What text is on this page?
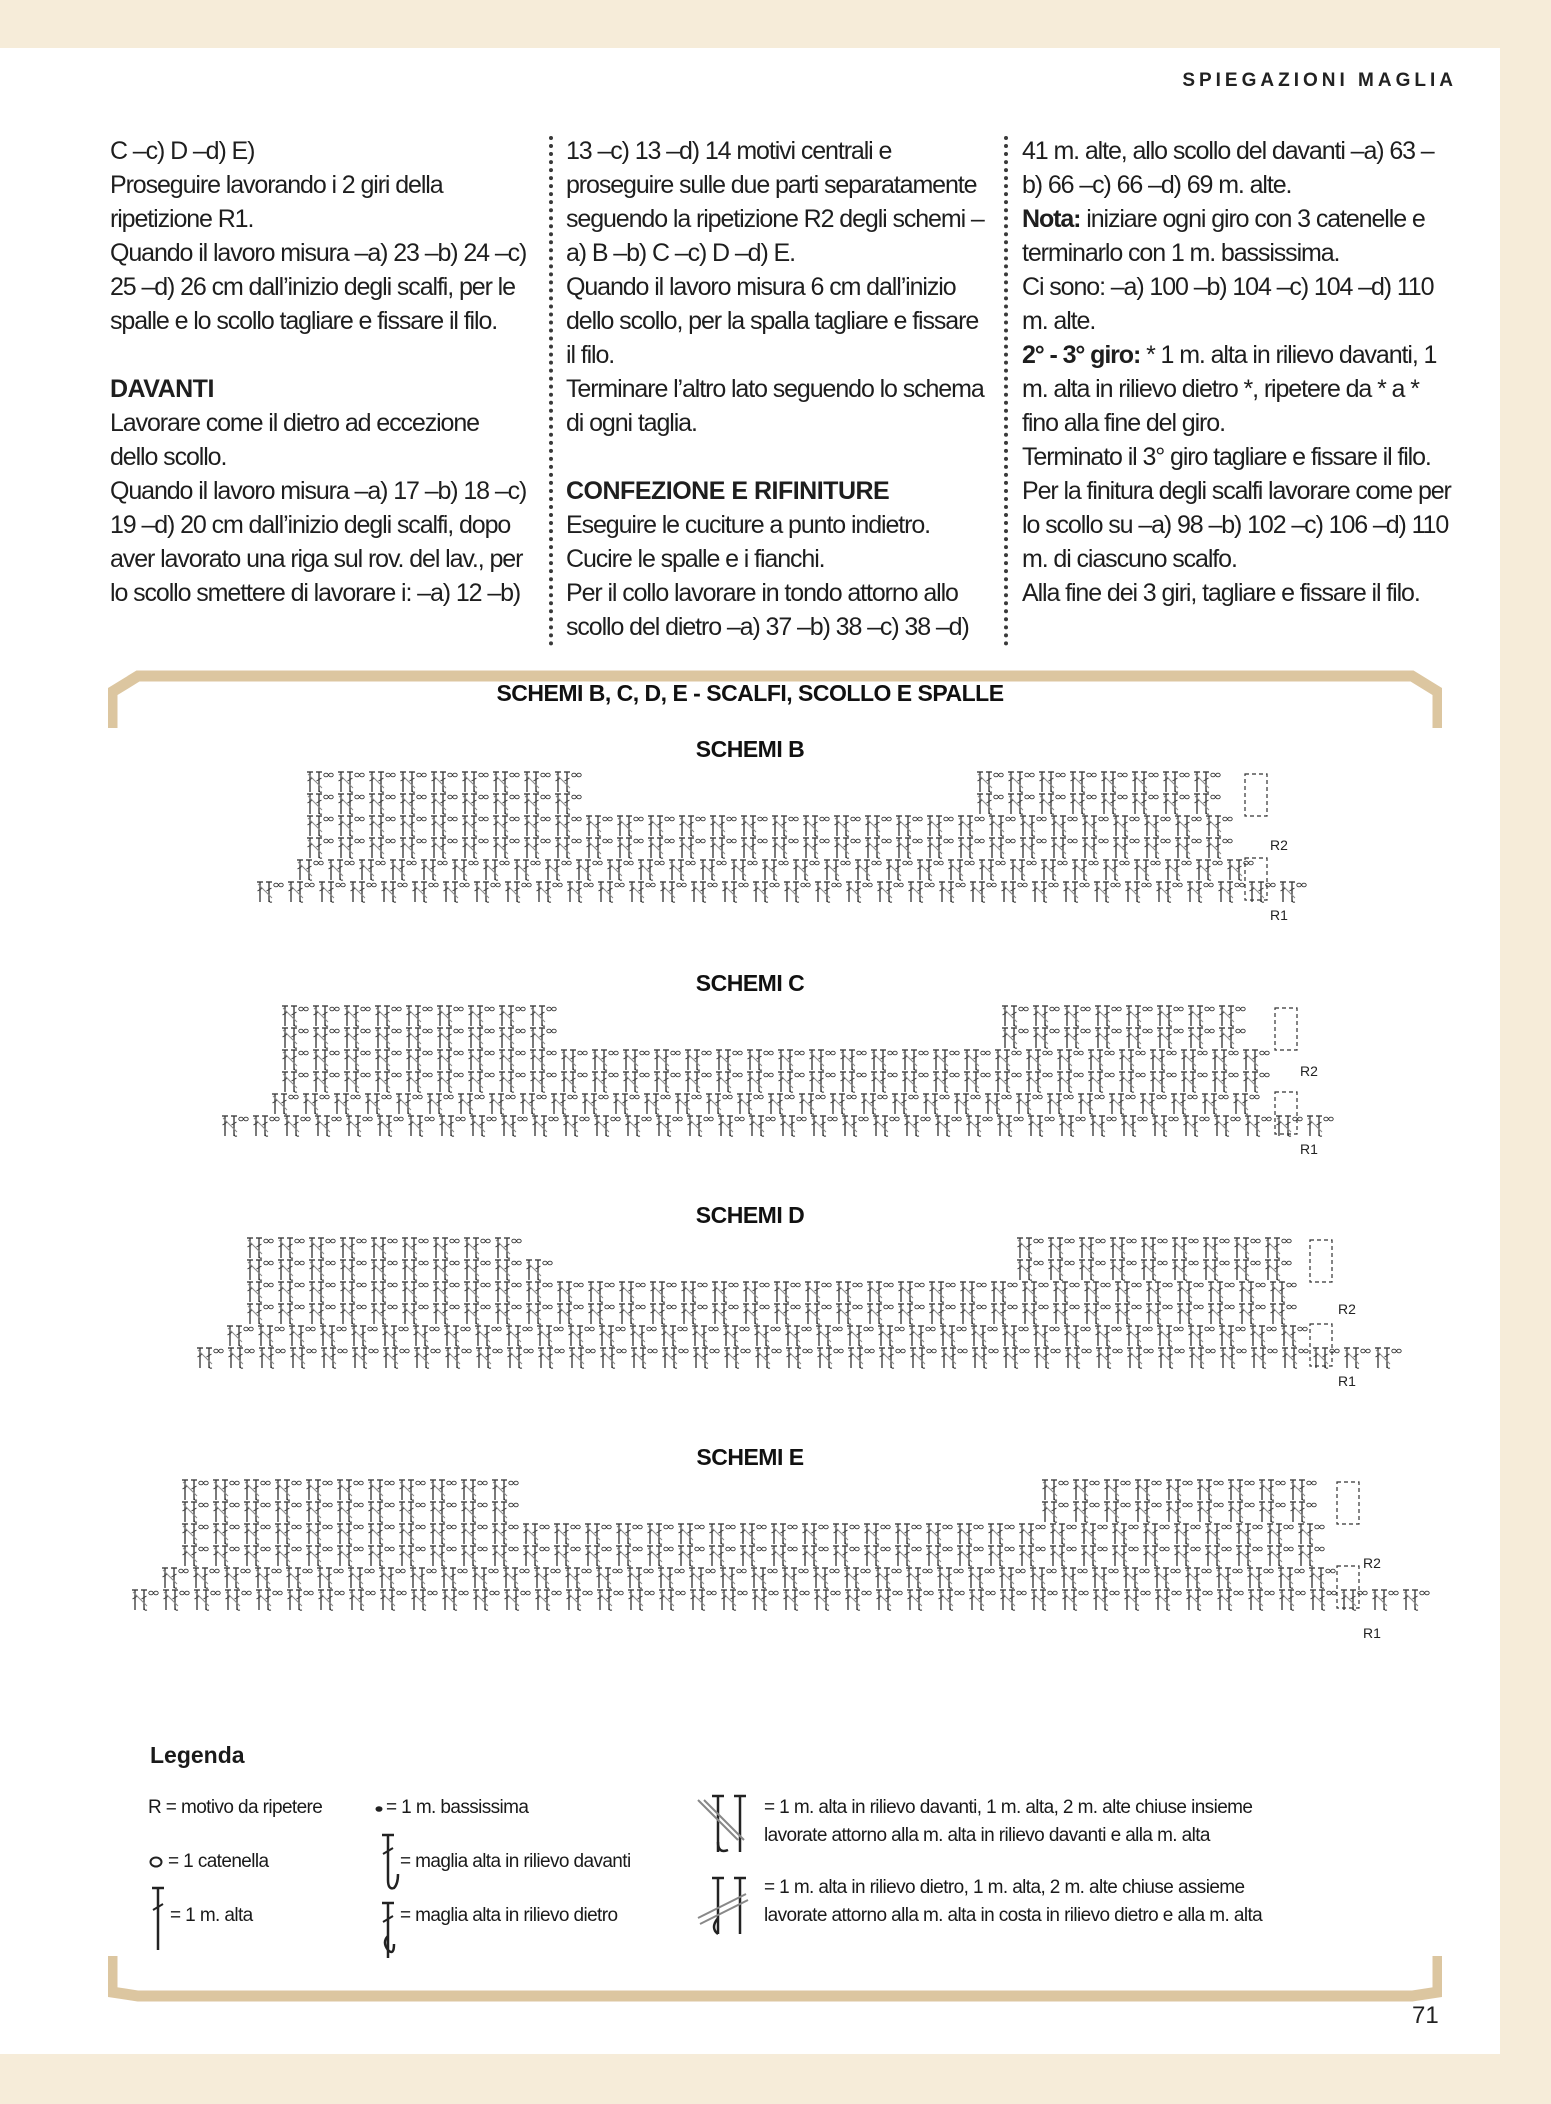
SPIEGAZIONI MAGLIA

C –c) D –d) E)

Proseguire lavorando i 2 giri della ripetizione R1.

Quando il lavoro misura –a) 23 –b) 24 –c) 25 –d) 26 cm dall’inizio degli scalfi, per le spalle e lo scollo tagliare e fissare il filo.

DAVANTI

Lavorare come il dietro ad eccezione dello scollo.

Quando il lavoro misura –a) 17 –b) 18 –c) 19 –d) 20 cm dall’inizio degli scalfi, dopo aver lavorato una riga sul rov. del lav., per lo scollo smettere di lavorare i: –a) 12 –b)

13 –c) 13 –d) 14 motivi centrali e proseguire sulle due parti separatamente seguendo la ripetizione R2 degli schemi –a) B –b) C –c) D –d) E.

Quando il lavoro misura 6 cm dall’inizio dello scollo, per la spalla tagliare e fissare il filo.

Terminare l’altro lato seguendo lo schema di ogni taglia.

CONFEZIONE E RIFINITURE

Eseguire le cuciture a punto indietro.

Cucire le spalle e i fianchi.

Per il collo lavorare in tondo attorno allo scollo del dietro –a) 37 –b) 38 –c) 38 –d)

41 m. alte, allo scollo del davanti –a) 63 –b) 66 –c) 66 –d) 69 m. alte.

Nota: iniziare ogni giro con 3 catenelle e terminarlo con 1 m. bassissima.

Ci sono: –a) 100 –b) 104 –c) 104 –d) 110 m. alte.

2° - 3° giro: * 1 m. alta in rilievo davanti, 1 m. alta in rilievo dietro *, ripetere da * a * fino alla fine del giro.

Terminato il 3° giro tagliare e fissare il filo.

Per la finitura degli scalfi lavorare come per lo scollo su –a) 98 –b) 102 –c) 106 –d) 110 m. di ciascuno scalfo.

Alla fine dei 3 giri, tagliare e fissare il filo.

SCHEMI B, C, D, E - SCALFI, SCOLLO E SPALLE
SCHEMI B
SCHEMI C
SCHEMI D
SCHEMI E
R2
R1
R2
R1
R2
R1
R2
R1
Legenda
R = motivo da ripetere
= 1 catenella
= 1 m. alta
= 1 m. bassissima
= maglia alta in rilievo davanti
= maglia alta in rilievo dietro
= 1 m. alta in rilievo davanti, 1 m. alta, 2 m. alte chiuse insieme
lavorate attorno alla m. alta in rilievo davanti e alla m. alta
= 1 m. alta in rilievo dietro, 1 m. alta, 2 m. alte chiuse assieme
lavorate attorno alla m. alta in costa in rilievo dietro e alla m. alta
71
